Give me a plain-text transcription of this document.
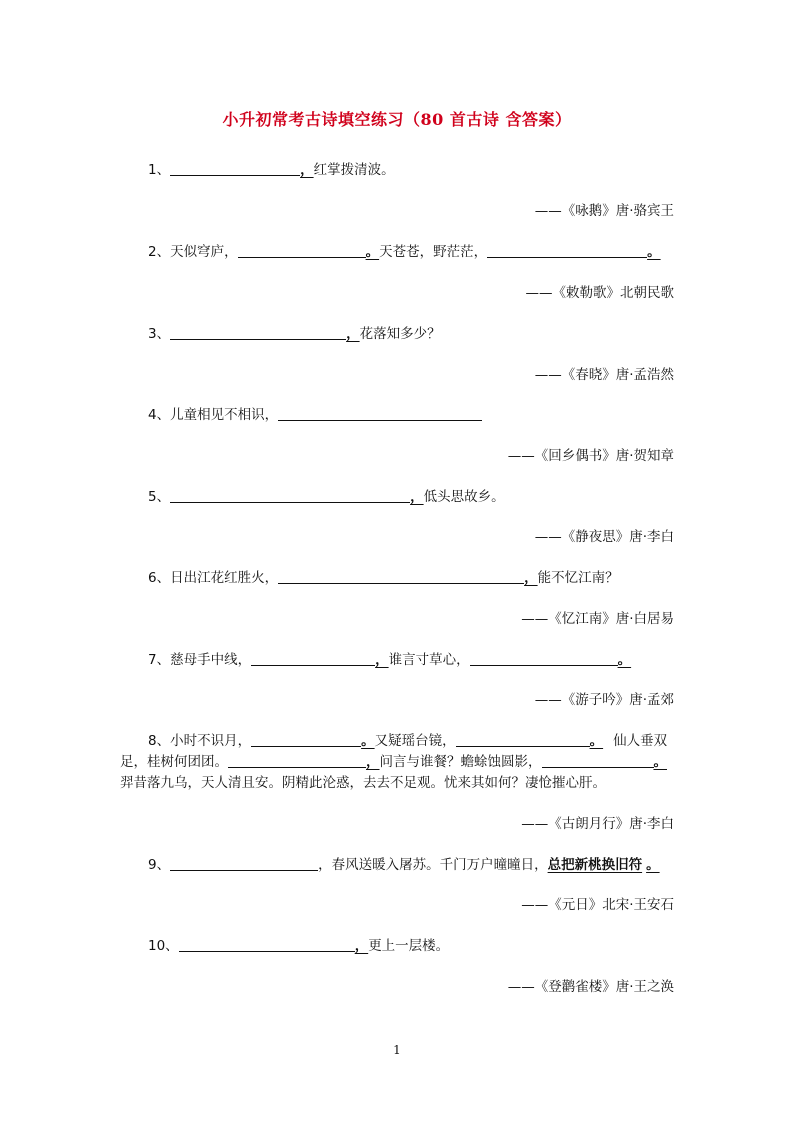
小升初常考古诗填空练习（80 首古诗 含答案）
1、	，红掌拨清波。
——《咏鹅》唐·骆宾王
2、天似穹庐，	。天苍苍，野茫茫，	。
——《敕勒歌》北朝民歌
3、	，花落知多少？
——《春晓》唐·孟浩然
4、儿童相见不相识，
——《回乡偶书》唐·贺知章
5、	，低头思故乡。
——《静夜思》唐·李白
6、日出江花红胜火，	，能不忆江南？
——《忆江南》唐·白居易
7、慈母手中线，	，谁言寸草心，	。
——《游子吟》唐·孟郊
8、小时不识月，	。又疑瑶台镜，	。 仙人垂双
足，桂树何团团。	，问言与谁餐？蟾蜍蚀圆影，	。
羿昔落九乌，天人清且安。阴精此沦惑，去去不足观。忧来其如何？凄怆摧心肝。
——《古朗月行》唐·李白
9、	，春风送暖入屠苏。千门万户曈曈日，总把新桃换旧符 。
——《元日》北宋·王安石
10、	，更上一层楼。
——《登鹳雀楼》唐·王之涣
1
